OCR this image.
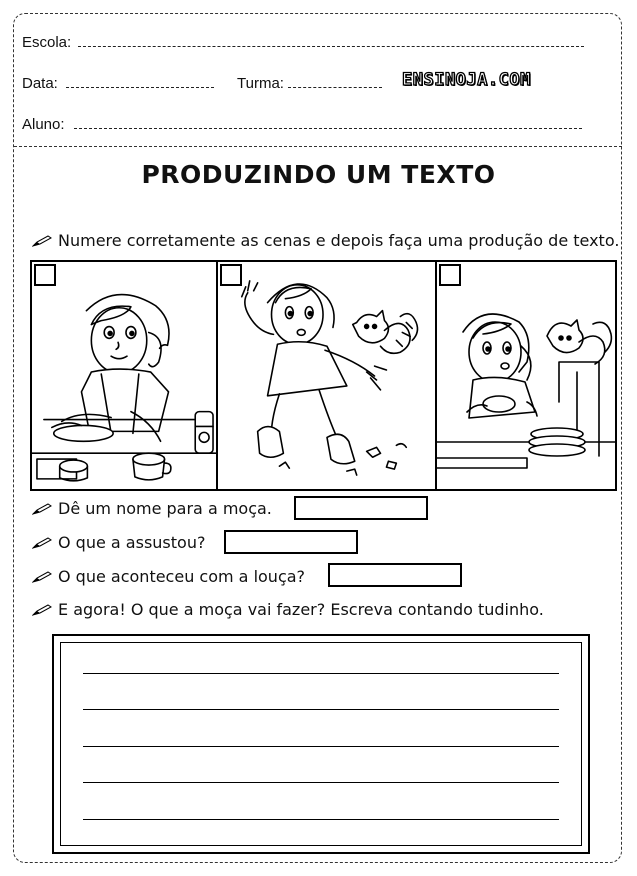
Escola:
Data:	Turma:	ENSINOJA.COM
Aluno:
PRODUZINDO UM TEXTO
Numere corretamente as cenas e depois faça uma produção de texto.
Dê um nome para a moça.
O que a assustou?
O que aconteceu com a louça?
E agora! O que a moça vai fazer? Escreva contando tudinho.
